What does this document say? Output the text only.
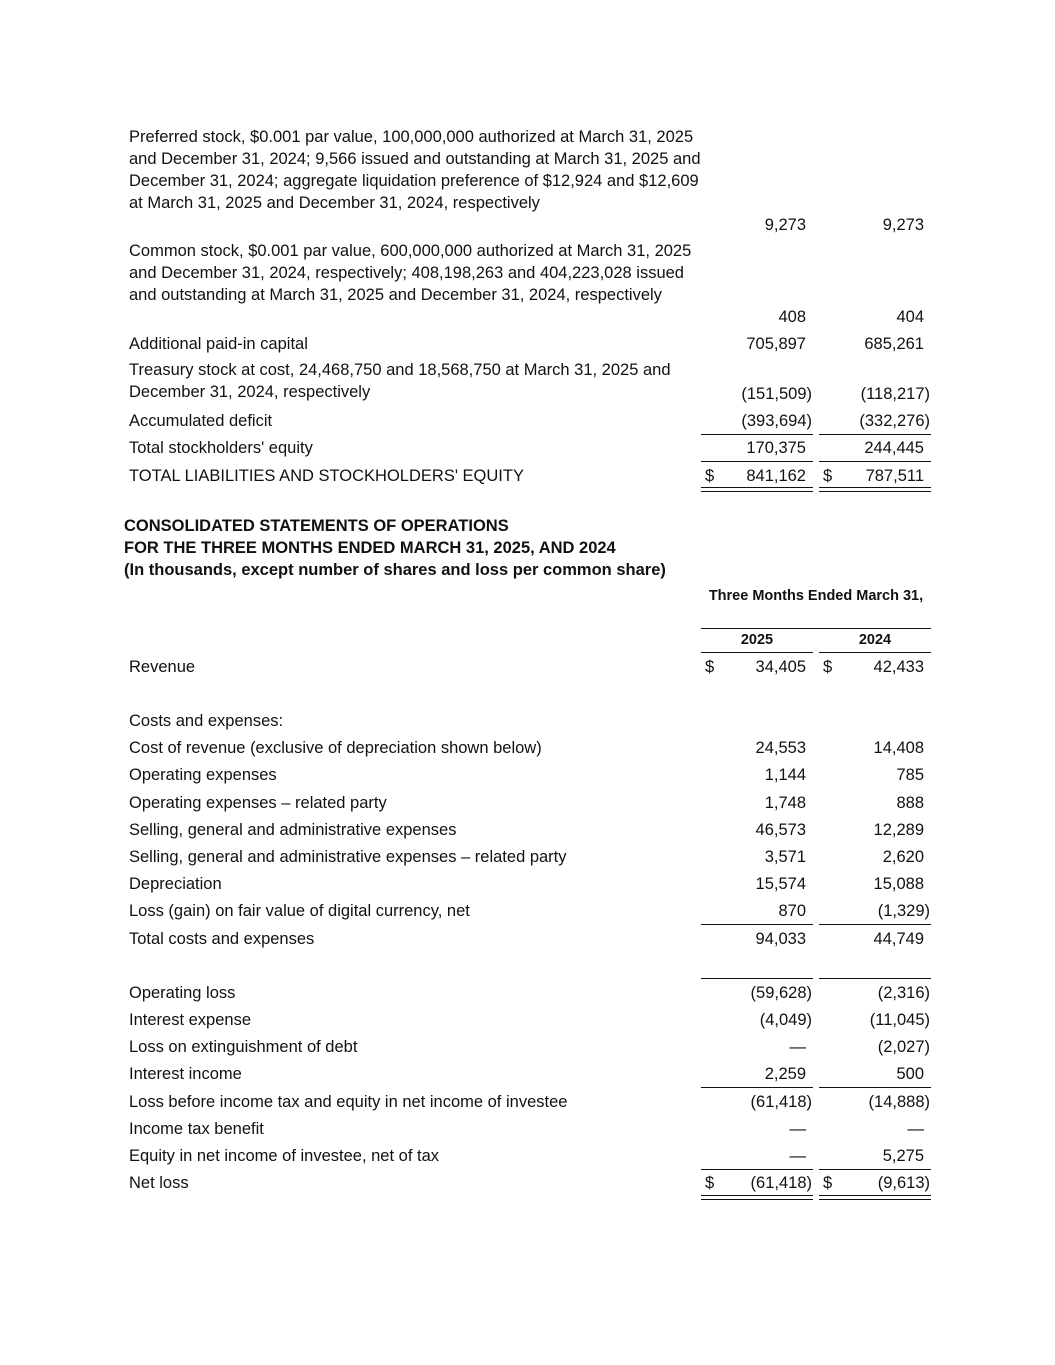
Preferred stock, $0.001 par value, 100,000,000 authorized at March 31, 2025 and December 31, 2024; 9,566 issued and outstanding at March 31, 2025 and December 31, 2024; aggregate liquidation preference of $12,924 and $12,609 at March 31, 2025 and December 31, 2024, respectively
9,273	9,273
Common stock, $0.001 par value, 600,000,000 authorized at March 31, 2025 and December 31, 2024, respectively; 408,198,263 and 404,223,028 issued and outstanding at March 31, 2025 and December 31, 2024, respectively
408	404
Additional paid-in capital	705,897	685,261
Treasury stock at cost, 24,468,750 and 18,568,750 at March 31, 2025 and December 31, 2024, respectively	(151,509)	(118,217)
Accumulated deficit	(393,694)	(332,276)
Total stockholders' equity	170,375	244,445
TOTAL LIABILITIES AND STOCKHOLDERS' EQUITY	$ 841,162 $ 787,511
CONSOLIDATED STATEMENTS OF OPERATIONS
FOR THE THREE MONTHS ENDED MARCH 31, 2025, AND 2024
(In thousands, except number of shares and loss per common share)
Three Months Ended March 31,
2025	2024
Revenue	$	34,405 $	42,433
Costs and expenses:
Cost of revenue (exclusive of depreciation shown below)	24,553	14,408
Operating expenses	1,144	785
Operating expenses – related party	1,748	888
Selling, general and administrative expenses	46,573	12,289
Selling, general and administrative expenses – related party	3,571	2,620
Depreciation	15,574	15,088
Loss (gain) on fair value of digital currency, net	870	(1,329)
Total costs and expenses	94,033	44,749
Operating loss	(59,628)	(2,316)
Interest expense	(4,049)	(11,045)
Loss on extinguishment of debt	—	(2,027)
Interest income	2,259	500
Loss before income tax and equity in net income of investee	(61,418)	(14,888)
Income tax benefit	—	—
Equity in net income of investee, net of tax	—	5,275
Net loss	$ (61,418) $	(9,613)
